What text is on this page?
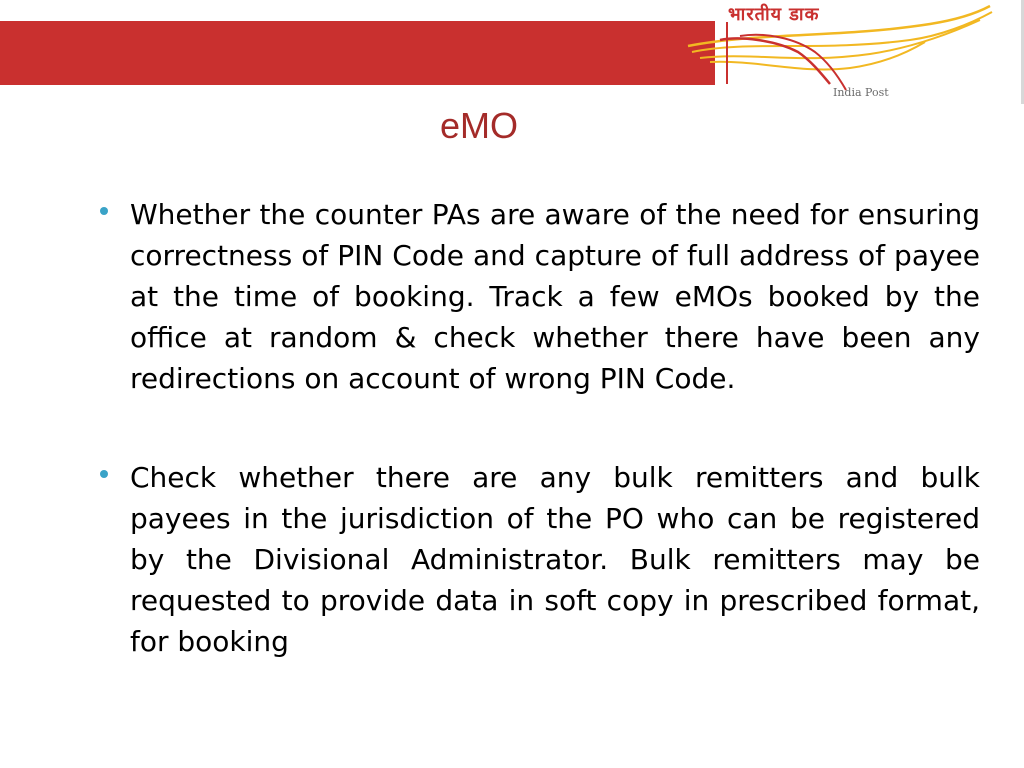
भारतीय डाक
India Post
eMO
Whether the counter PAs are aware of the need for ensuring correctness of PIN Code and capture of full address of payee at the time of booking. Track a few eMOs booked by the office at random & check whether there have been any redirections on account of wrong PIN Code.
Check whether there are any bulk remitters and bulk payees in the jurisdiction of the PO who can be registered by the Divisional Administrator. Bulk remitters may be requested to provide data in soft copy in prescribed format, for booking
